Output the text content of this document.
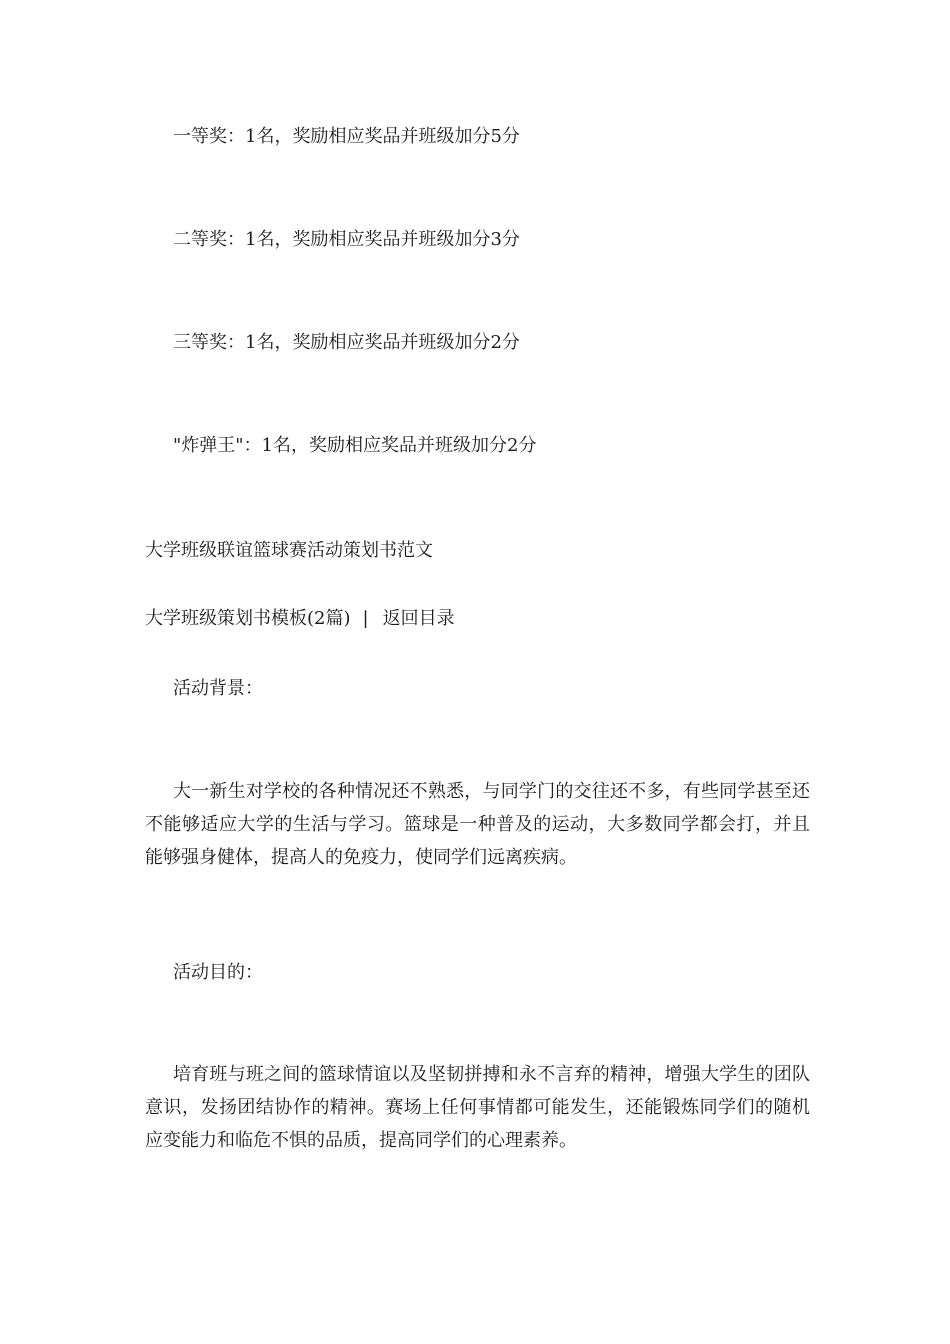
一等奖：1名，奖励相应奖品并班级加分5分
二等奖：1名，奖励相应奖品并班级加分3分
三等奖：1名，奖励相应奖品并班级加分2分
"炸弹王"：1名，奖励相应奖品并班级加分2分
大学班级联谊篮球赛活动策划书范文
大学班级策划书模板(2篇) | 返回目录
活动背景：
大一新生对学校的各种情况还不熟悉，与同学门的交往还不多，有些同学甚至还不能够适应大学的生活与学习。篮球是一种普及的运动，大多数同学都会打，并且能够强身健体，提高人的免疫力，使同学们远离疾病。
活动目的：
培育班与班之间的篮球情谊以及坚韧拼搏和永不言弃的精神，增强大学生的团队意识，发扬团结协作的精神。赛场上任何事情都可能发生，还能锻炼同学们的随机应变能力和临危不惧的品质，提高同学们的心理素养。
